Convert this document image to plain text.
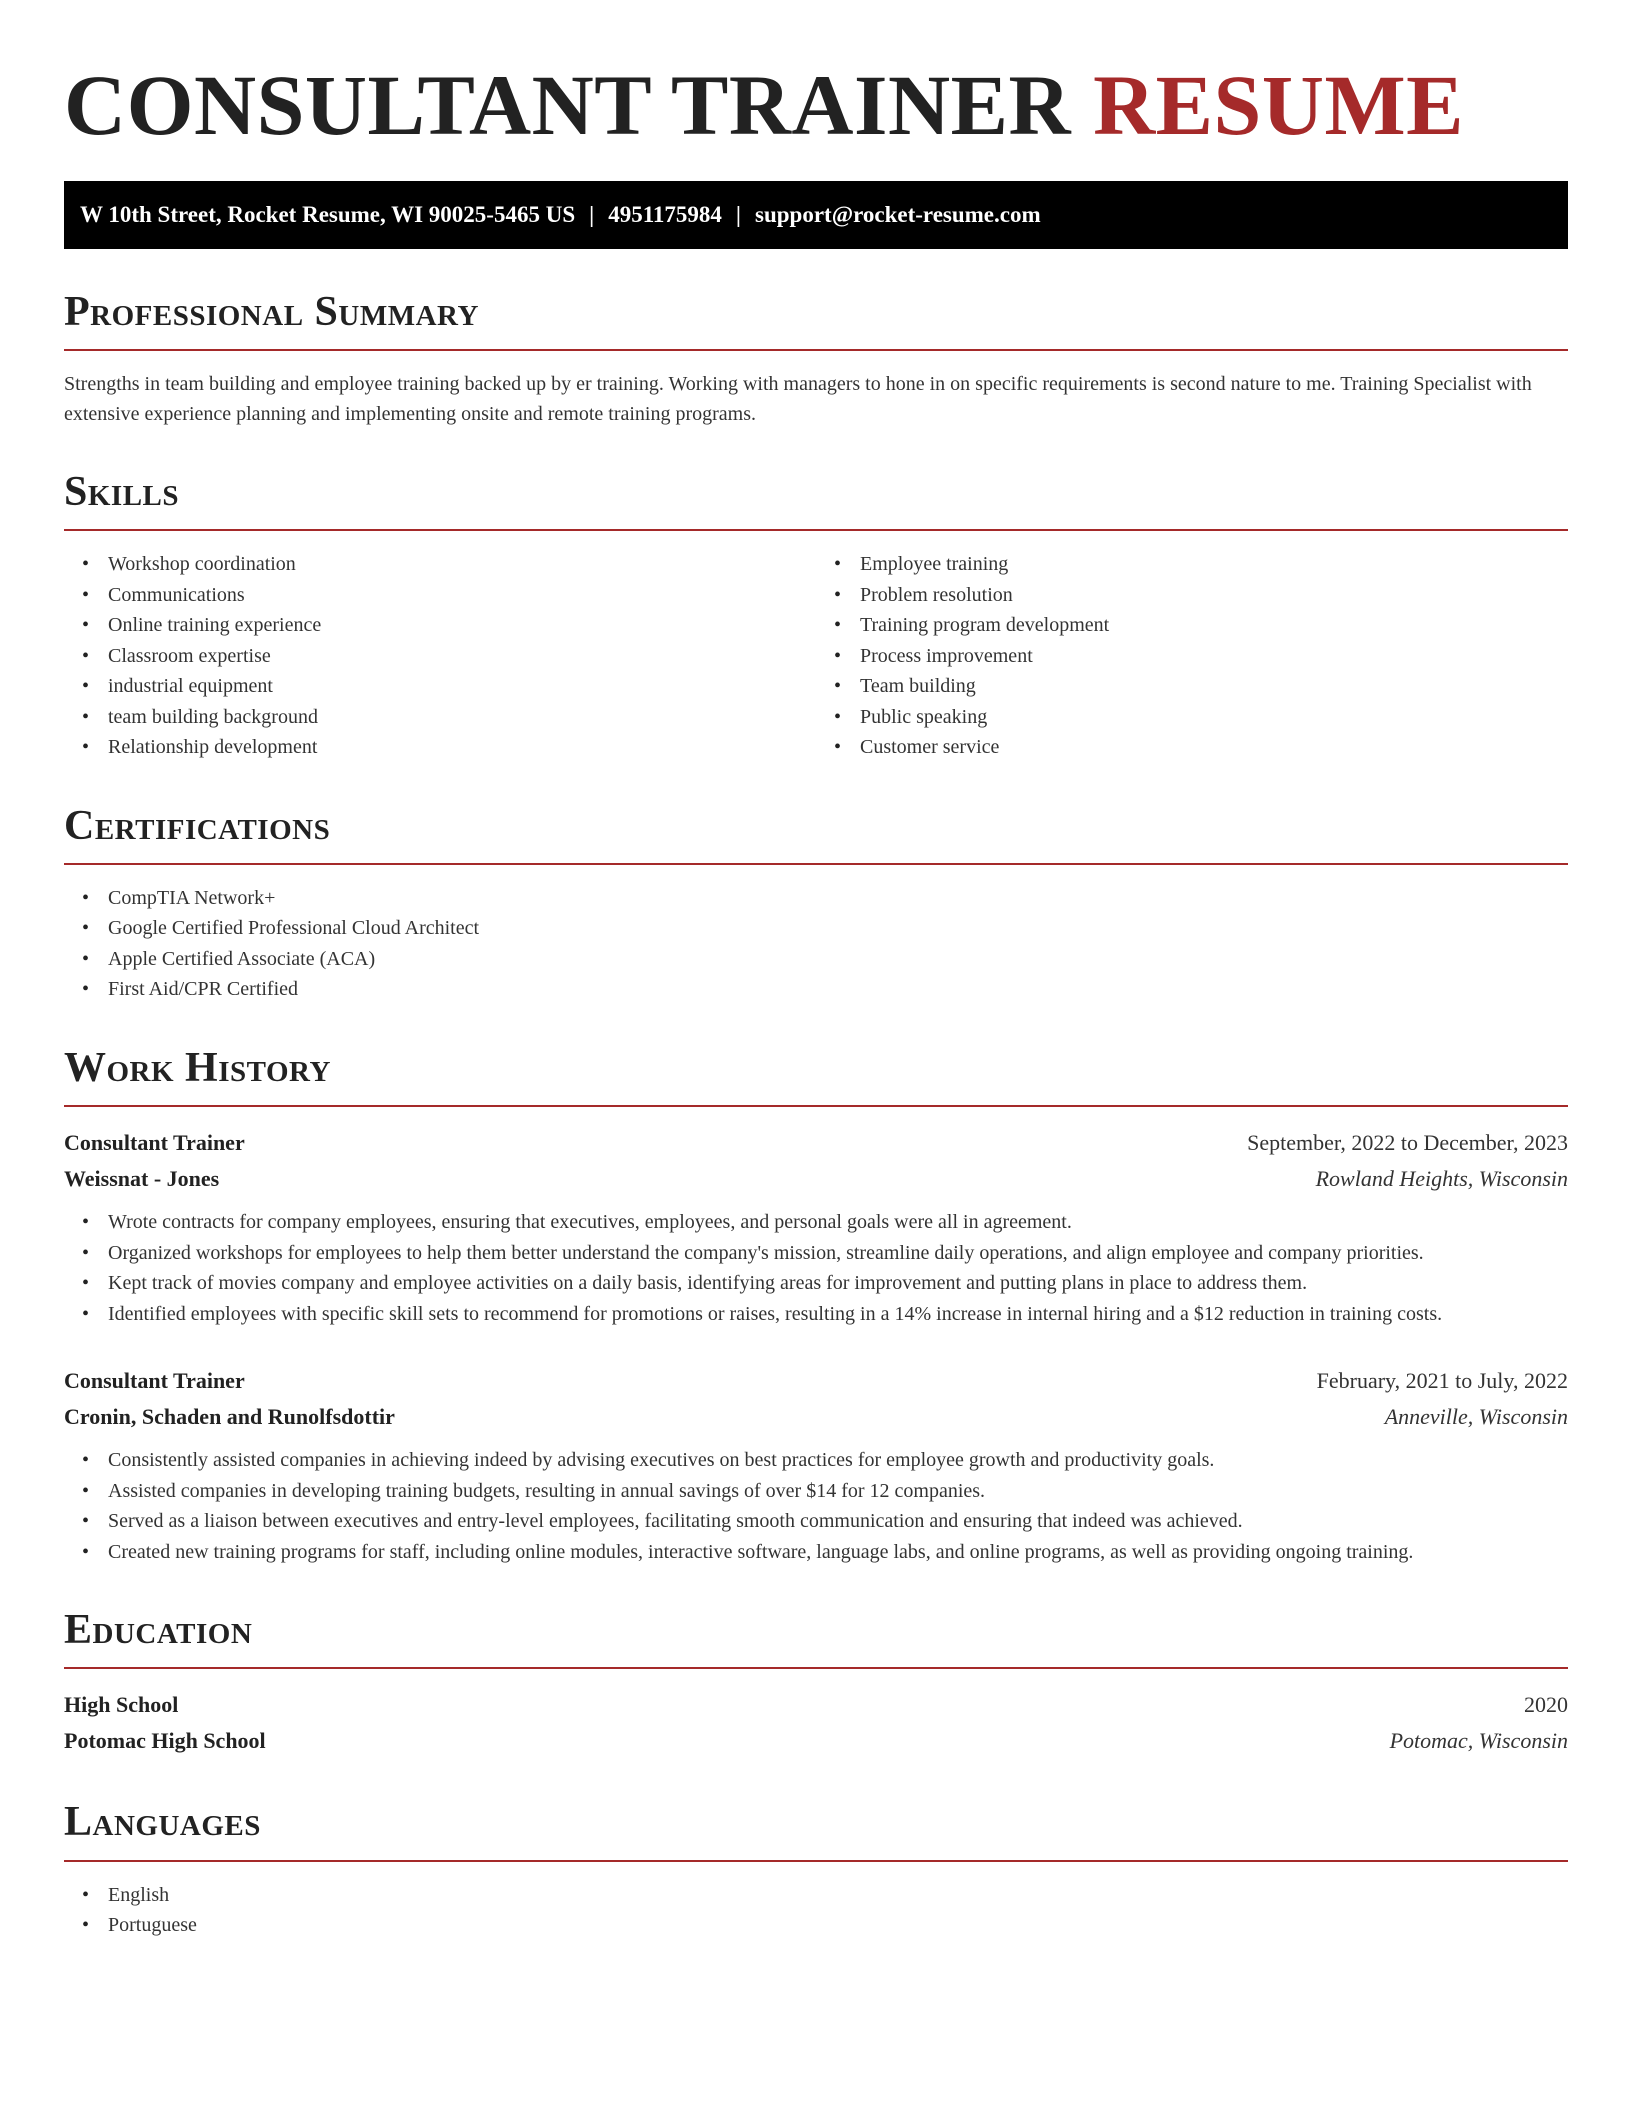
CONSULTANT TRAINER RESUME
W 10th Street, Rocket Resume, WI 90025-5465 US | 4951175984 | support@rocket-resume.com
Professional Summary

Strengths in team building and employee training backed up by er training. Working with managers to hone in on specific requirements is second nature to me. Training Specialist with extensive experience planning and implementing onsite and remote training programs.

Skills
• Workshop coordination
• Communications
• Online training experience
• Classroom expertise
• industrial equipment
• team building background
• Relationship development
• Employee training
• Problem resolution
• Training program development
• Process improvement
• Team building
• Public speaking
• Customer service
Certifications
• CompTIA Network+
• Google Certified Professional Cloud Architect
• Apple Certified Associate (ACA)
• First Aid/CPR Certified
Work History
Consultant Trainer	September, 2022 to December, 2023
Weissnat - Jones	Rowland Heights, Wisconsin
• Wrote contracts for company employees, ensuring that executives, employees, and personal goals were all in agreement.
• Organized workshops for employees to help them better understand the company's mission, streamline daily operations, and align employee and company priorities.
• Kept track of movies company and employee activities on a daily basis, identifying areas for improvement and putting plans in place to address them.
• Identified employees with specific skill sets to recommend for promotions or raises, resulting in a 14% increase in internal hiring and a $12 reduction in training costs.
Consultant Trainer	February, 2021 to July, 2022
Cronin, Schaden and Runolfsdottir	Anneville, Wisconsin
• Consistently assisted companies in achieving indeed by advising executives on best practices for employee growth and productivity goals.
• Assisted companies in developing training budgets, resulting in annual savings of over $14 for 12 companies.
• Served as a liaison between executives and entry-level employees, facilitating smooth communication and ensuring that indeed was achieved.
• Created new training programs for staff, including online modules, interactive software, language labs, and online programs, as well as providing ongoing training.
Education
High School	2020
Potomac High School	Potomac, Wisconsin
Languages
• English
• Portuguese
